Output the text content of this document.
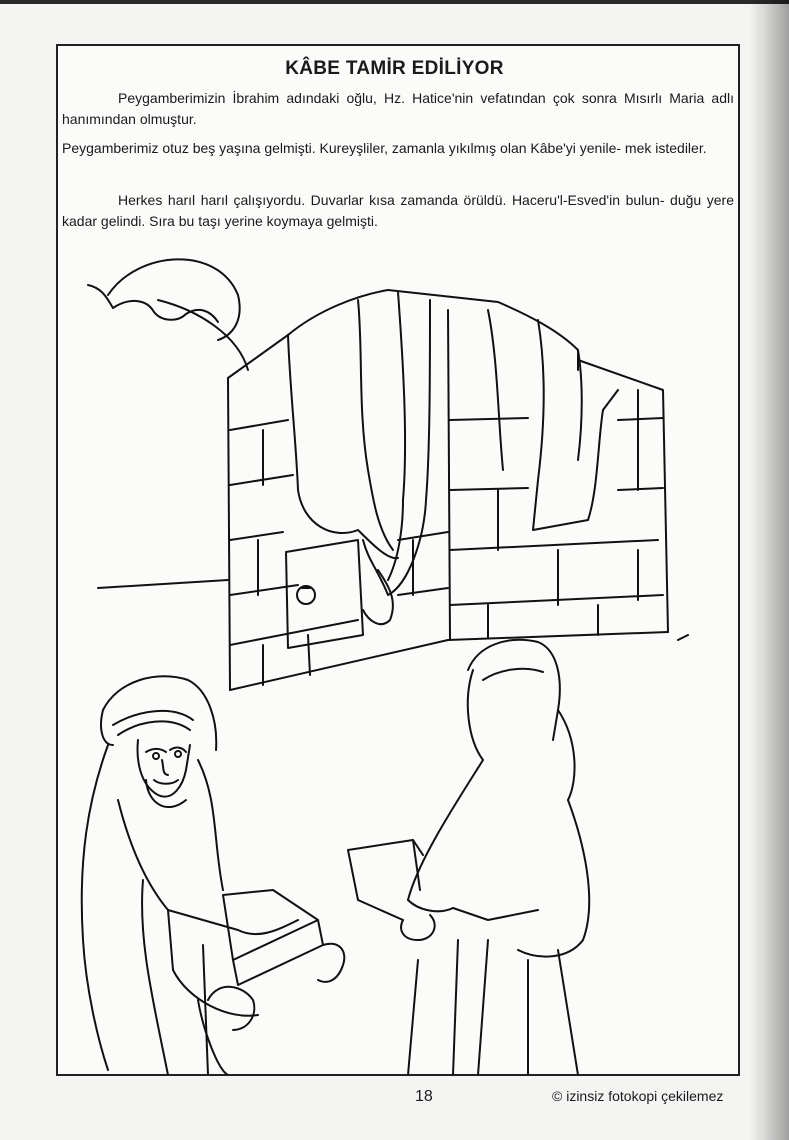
KÂBE TAMİR EDİLİYOR
Peygamberimizin İbrahim adındaki oğlu, Hz. Hatice'nin vefatından çok sonra Mısırlı Maria adlı hanımından olmuştur.
Peygamberimiz otuz beş yaşına gelmişti. Kureyşliler, zamanla yıkılmış olan Kâbe'yi yenile- mek istediler.
Herkes harıl harıl çalışıyordu. Duvarlar kısa zamanda örüldü. Haceru'l-Esved'in bulun- duğu yere kadar gelindi. Sıra bu taşı yerine koymaya gelmişti.
18	© izinsiz fotokopi çekilemez
